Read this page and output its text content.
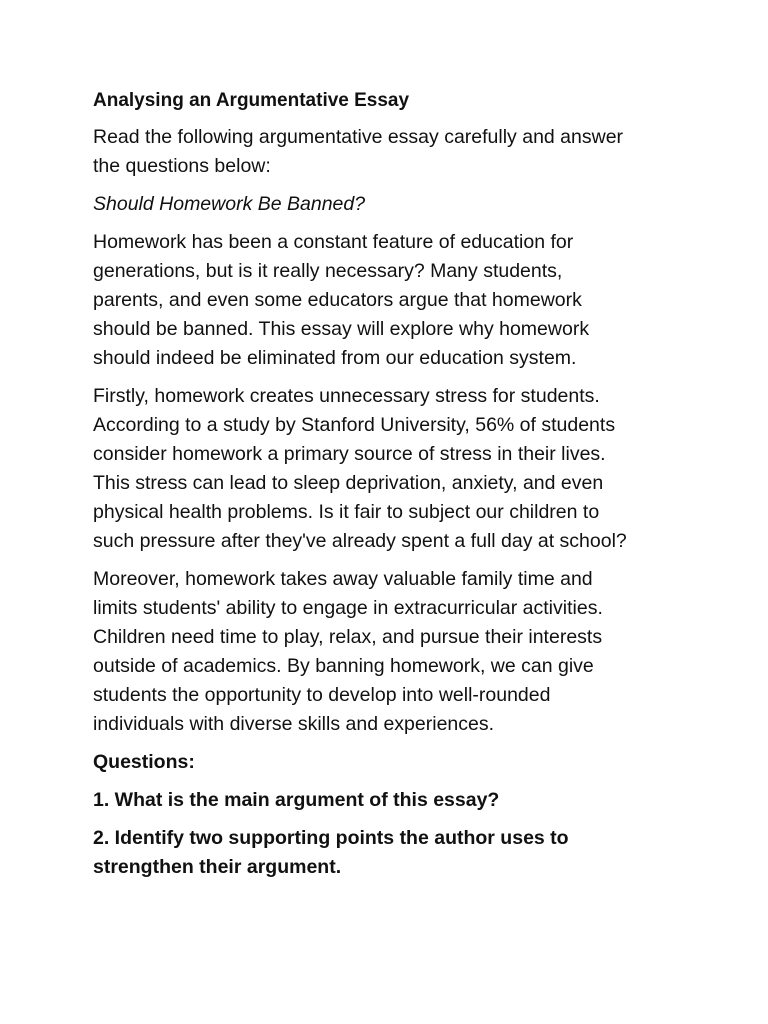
Analysing an Argumentative Essay
Read the following argumentative essay carefully and answer
the questions below:
Should Homework Be Banned?
Homework has been a constant feature of education for
generations, but is it really necessary? Many students,
parents, and even some educators argue that homework
should be banned. This essay will explore why homework
should indeed be eliminated from our education system.
Firstly, homework creates unnecessary stress for students.
According to a study by Stanford University, 56% of students
consider homework a primary source of stress in their lives.
This stress can lead to sleep deprivation, anxiety, and even
physical health problems. Is it fair to subject our children to
such pressure after they've already spent a full day at school?
Moreover, homework takes away valuable family time and
limits students' ability to engage in extracurricular activities.
Children need time to play, relax, and pursue their interests
outside of academics. By banning homework, we can give
students the opportunity to develop into well-rounded
individuals with diverse skills and experiences.
Questions:
1. What is the main argument of this essay?
2. Identify two supporting points the author uses to
strengthen their argument.
